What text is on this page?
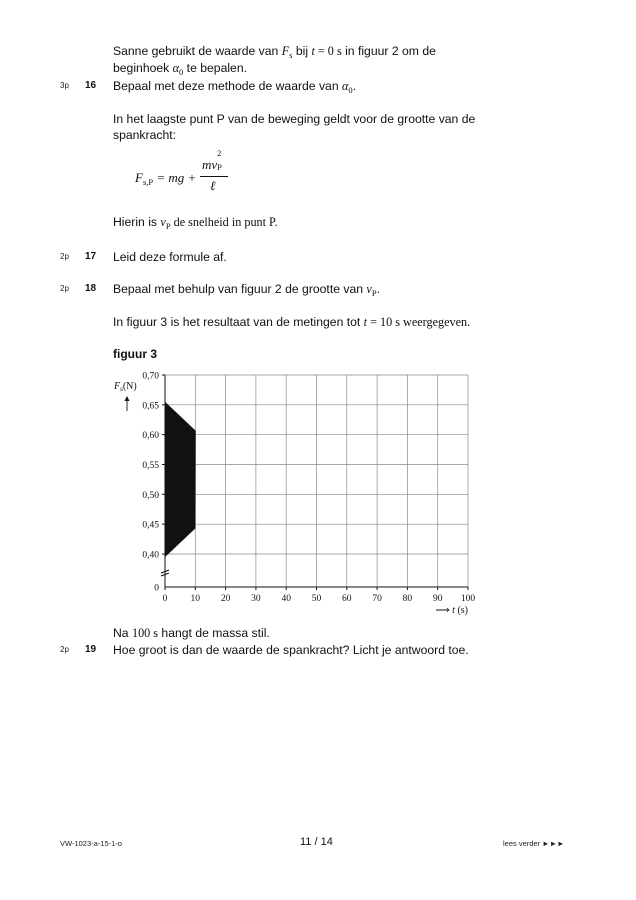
Sanne gebruikt de waarde van $F_s$ bij t = 0 s in figuur 2 om de
beginhoek $\alpha_0$ te bepalen.
3p 16 Bepaal met deze methode de waarde van $\alpha_0$.
In het laagste punt P van de beweging geldt voor de grootte van de
spankracht:
$F_{s,P}$ = mg +
mv
2
P
ℓ
Hierin is $v_P$ de snelheid in punt P.
2p 17 Leid deze formule af.
2p 18 Bepaal met behulp van figuur 2 de grootte van $v_P$.
In figuur 3 is het resultaat van de metingen tot t = 10 s weergegeven.
figuur 3
0,40
0,45
0,50
0,55
0,60
0,65
0,70
0
0 10 20 30 40 50 60 70 80 90 100
$F_s(N)$
⟶ t (s)
Na 100 s hangt de massa stil.
2p 19 Hoe groot is dan de waarde de spankracht? Licht je antwoord toe.
VW-1023-a-15-1-o	11 / 14	lees verder ►►►
